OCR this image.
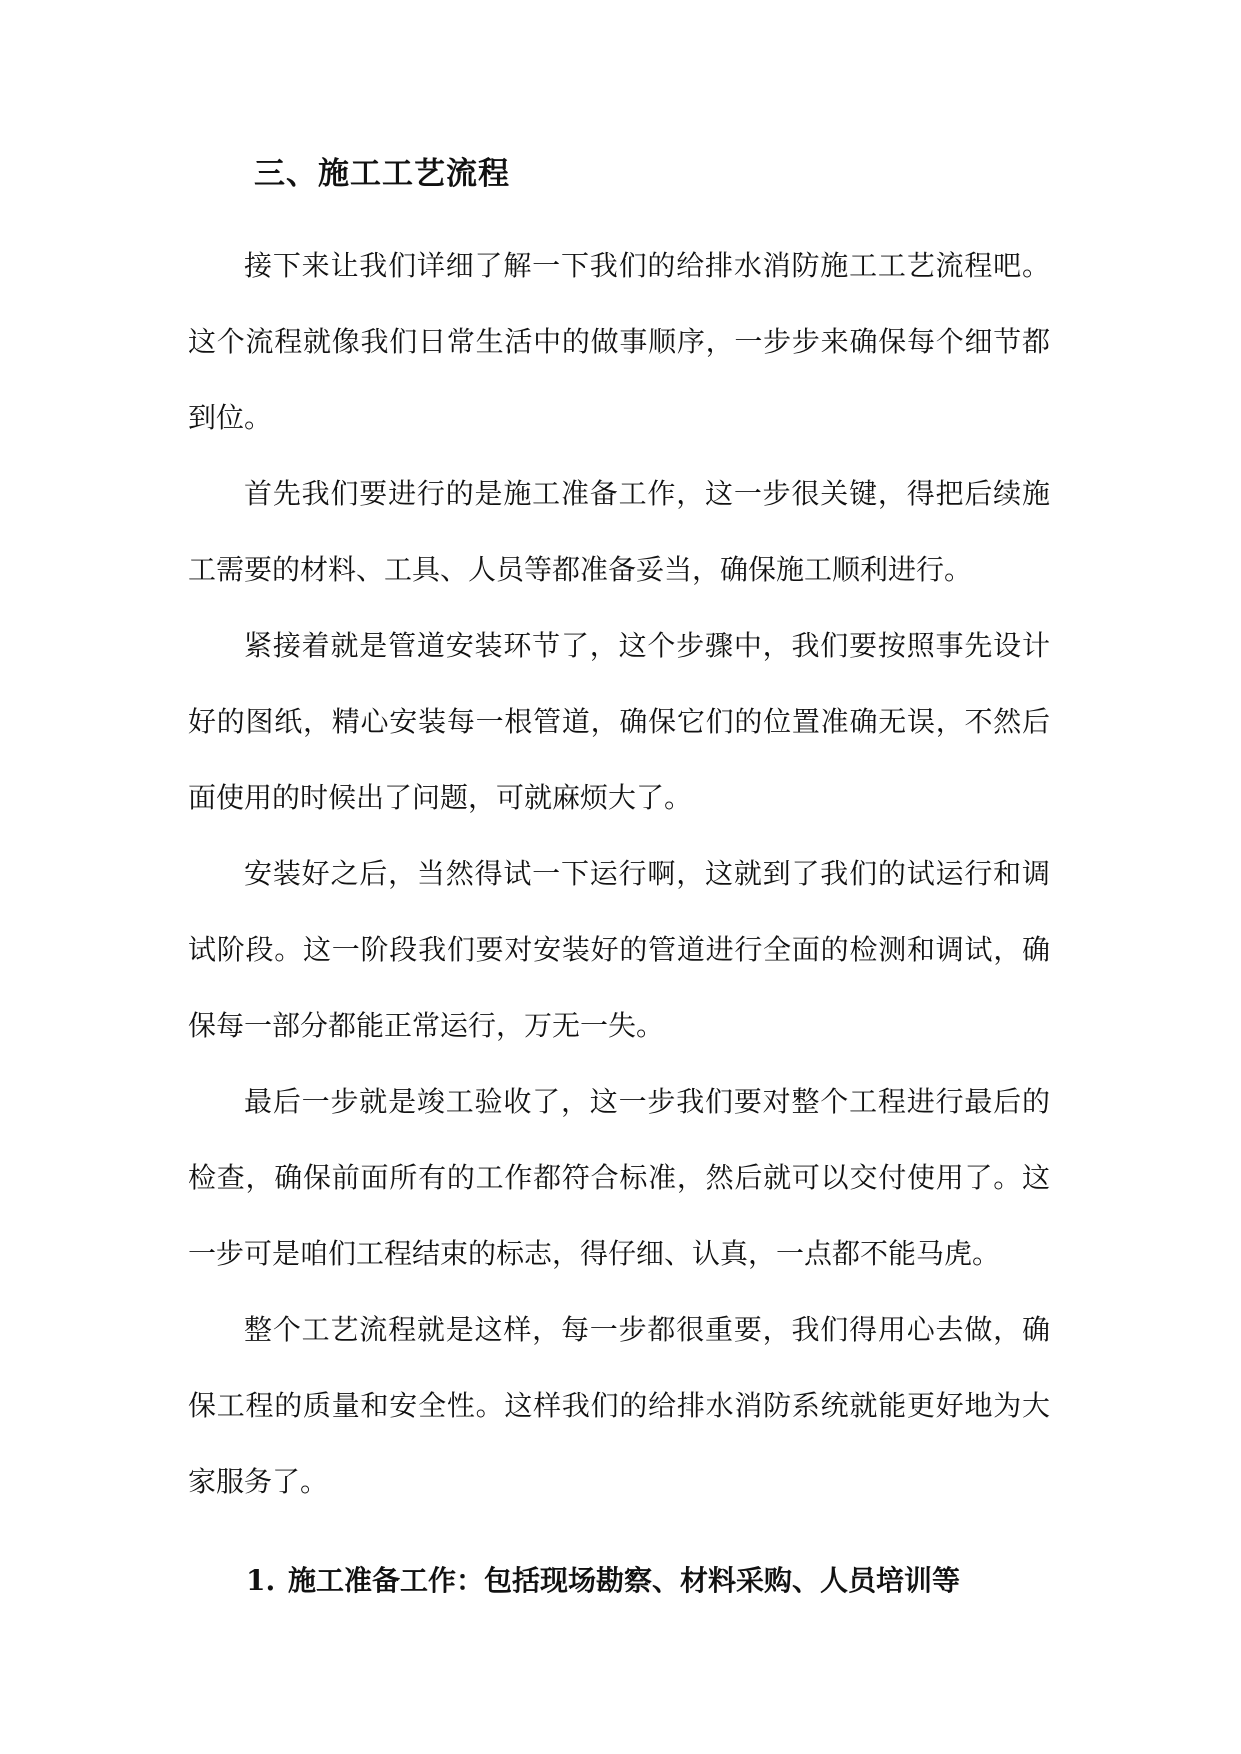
三、施工工艺流程

接下来让我们详细了解一下我们的给排水消防施工工艺流程吧。这个流程就像我们日常生活中的做事顺序，一步步来确保每个细节都到位。

首先我们要进行的是施工准备工作，这一步很关键，得把后续施工需要的材料、工具、人员等都准备妥当，确保施工顺利进行。

紧接着就是管道安装环节了，这个步骤中，我们要按照事先设计好的图纸，精心安装每一根管道，确保它们的位置准确无误，不然后面使用的时候出了问题，可就麻烦大了。

安装好之后，当然得试一下运行啊，这就到了我们的试运行和调试阶段。这一阶段我们要对安装好的管道进行全面的检测和调试，确保每一部分都能正常运行，万无一失。

最后一步就是竣工验收了，这一步我们要对整个工程进行最后的检查，确保前面所有的工作都符合标准，然后就可以交付使用了。这一步可是咱们工程结束的标志，得仔细、认真，一点都不能马虎。

整个工艺流程就是这样，每一步都很重要，我们得用心去做，确保工程的质量和安全性。这样我们的给排水消防系统就能更好地为大家服务了。

1. 施工准备工作：包括现场勘察、材料采购、人员培训等
